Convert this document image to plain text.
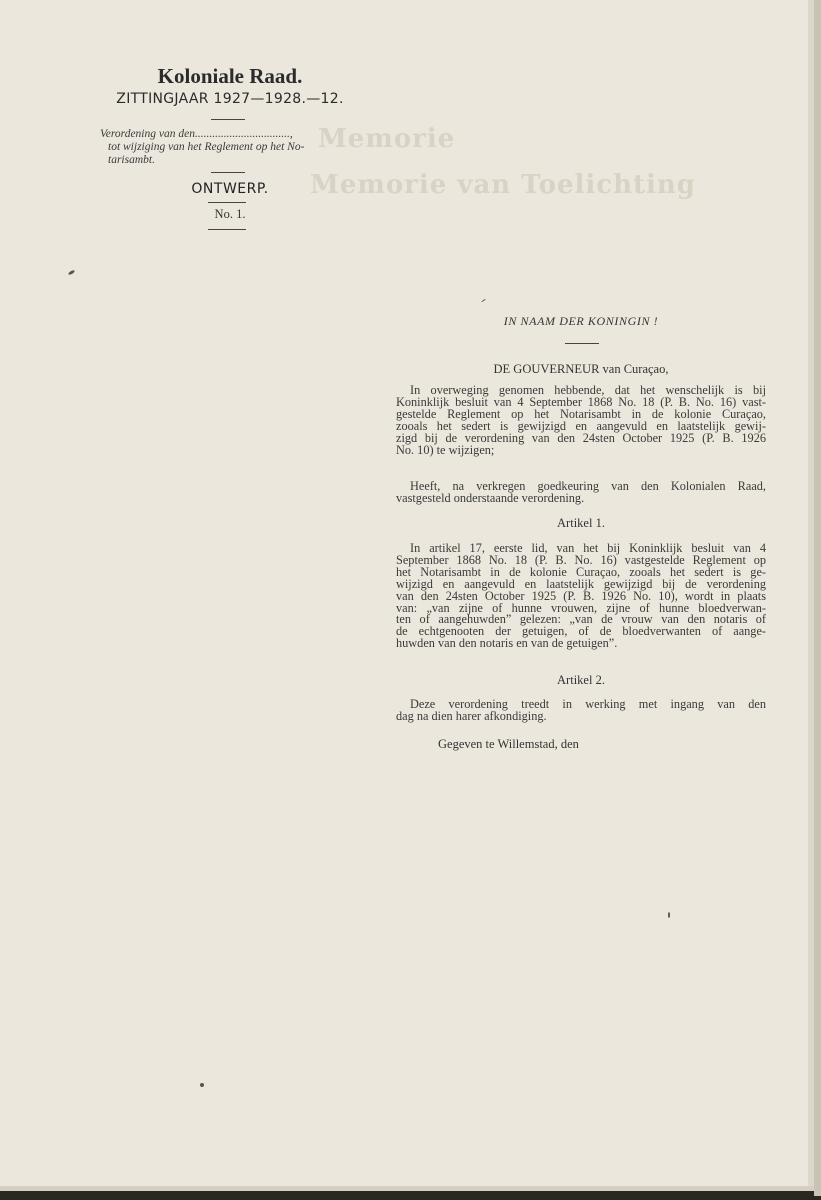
Memorie
Memorie van Toelichting
Koloniale Raad.
ZITTINGJAAR 1927—1928.—12.
Verordening van den.................................,
tot wijziging van het Reglement op het No-
tarisambt.
ONTWERP.
No. 1.
IN NAAM DER KONINGIN !
DE GOUVERNEUR van Curaçao,
In overweging genomen hebbende, dat het wenschelijk is bij
Koninklijk besluit van 4 September 1868 No. 18 (P. B. No. 16) vast-
gestelde Reglement op het Notarisambt in de kolonie Curaçao,
zooals het sedert is gewijzigd en aangevuld en laatstelijk gewij-
zigd bij de verordening van den 24sten October 1925 (P. B. 1926
No. 10) te wijzigen;
Heeft, na verkregen goedkeuring van den Kolonialen Raad,
vastgesteld onderstaande verordening.
Artikel 1.
In artikel 17, eerste lid, van het bij Koninklijk besluit van 4
September 1868 No. 18 (P. B. No. 16) vastgestelde Reglement op
het Notarisambt in de kolonie Curaçao, zooals het sedert is ge-
wijzigd en aangevuld en laatstelijk gewijzigd bij de verordening
van den 24sten October 1925 (P. B. 1926 No. 10), wordt in plaats
van: „van zijne of hunne vrouwen, zijne of hunne bloedverwan-
ten of aangehuwden” gelezen: „van de vrouw van den notaris of
de echtgenooten der getuigen, of de bloedverwanten of aange-
huwden van den notaris en van de getuigen”.
Artikel 2.
Deze verordening treedt in werking met ingang van den
dag na dien harer afkondiging.
Gegeven te Willemstad, den
